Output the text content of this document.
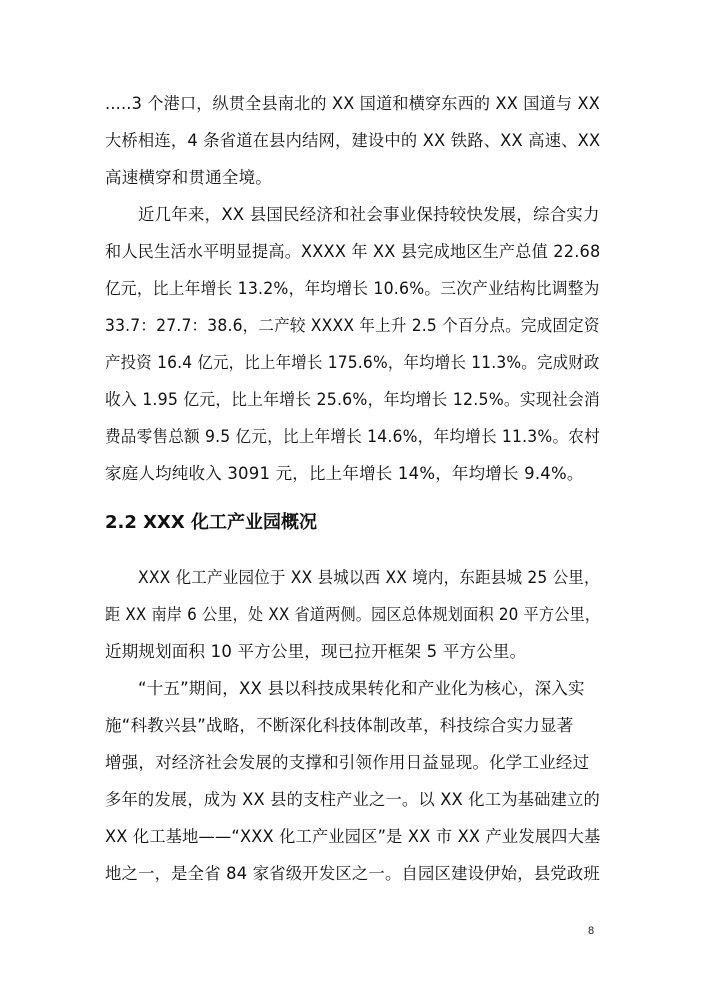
.....3 个港口，纵贯全县南北的 XX 国道和横穿东西的 XX 国道与 XX
大桥相连，4 条省道在县内结网，建设中的 XX 铁路、XX 高速、XX
高速横穿和贯通全境。
近几年来，XX 县国民经济和社会事业保持较快发展，综合实力
和人民生活水平明显提高。XXXX 年 XX 县完成地区生产总值 22.68
亿元，比上年增长 13.2%，年均增长 10.6%。三次产业结构比调整为
33.7：27.7：38.6，二产较 XXXX 年上升 2.5 个百分点。完成固定资
产投资 16.4 亿元，比上年增长 175.6%，年均增长 11.3%。完成财政
收入 1.95 亿元，比上年增长 25.6%，年均增长 12.5%。实现社会消
费品零售总额 9.5 亿元，比上年增长 14.6%，年均增长 11.3%。农村
家庭人均纯收入 3091 元，比上年增长 14%，年均增长 9.4%。
2.2 XXX 化工产业园概况
XXX 化工产业园位于 XX 县城以西 XX 境内，东距县城 25 公里，
距 XX 南岸 6 公里，处 XX 省道两侧。园区总体规划面积 20 平方公里，
近期规划面积 10 平方公里，现已拉开框架 5 平方公里。
“十五”期间，XX 县以科技成果转化和产业化为核心，深入实
施“科教兴县”战略，不断深化科技体制改革，科技综合实力显著
增强，对经济社会发展的支撑和引领作用日益显现。化学工业经过
多年的发展，成为 XX 县的支柱产业之一。以 XX 化工为基础建立的
XX 化工基地——“XXX 化工产业园区”是 XX 市 XX 产业发展四大基
地之一，是全省 84 家省级开发区之一。自园区建设伊始，县党政班
8
